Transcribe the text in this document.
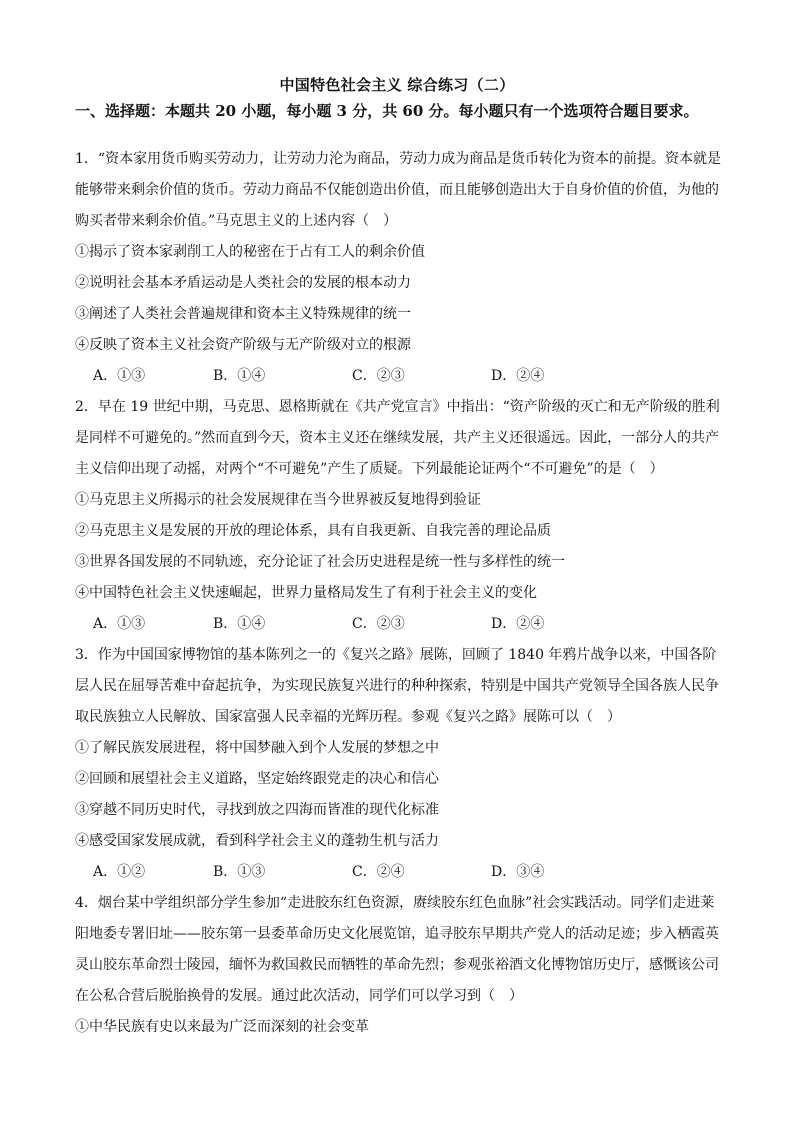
中国特色社会主义 综合练习（二）
一、选择题：本题共 20 小题，每小题 3 分，共 60 分。每小题只有一个选项符合题目要求。
1．“资本家用货币购买劳动力，让劳动力沦为商品，劳动力成为商品是货币转化为资本的前提。资本就是能够带来剩余价值的货币。劳动力商品不仅能创造出价值，而且能够创造出大于自身价值的价值，为他的购买者带来剩余价值。”马克思主义的上述内容（　）
①揭示了资本家剥削工人的秘密在于占有工人的剩余价值
②说明社会基本矛盾运动是人类社会的发展的根本动力
③阐述了人类社会普遍规律和资本主义特殊规律的统一
④反映了资本主义社会资产阶级与无产阶级对立的根源
A．①③	B．①④	C．②③	D．②④
2．早在 19 世纪中期，马克思、恩格斯就在《共产党宣言》中指出：“资产阶级的灭亡和无产阶级的胜利是同样不可避免的。”然而直到今天，资本主义还在继续发展，共产主义还很遥远。因此，一部分人的共产主义信仰出现了动摇，对两个“不可避免”产生了质疑。下列最能论证两个“不可避免”的是（　）
①马克思主义所揭示的社会发展规律在当今世界被反复地得到验证
②马克思主义是发展的开放的理论体系，具有自我更新、自我完善的理论品质
③世界各国发展的不同轨迹，充分论证了社会历史进程是统一性与多样性的统一
④中国特色社会主义快速崛起，世界力量格局发生了有利于社会主义的变化
A．①③	B．①④	C．②③	D．②④
3．作为中国国家博物馆的基本陈列之一的《复兴之路》展陈，回顾了 1840 年鸦片战争以来，中国各阶层人民在屈辱苦难中奋起抗争，为实现民族复兴进行的种种探索，特别是中国共产党领导全国各族人民争取民族独立人民解放、国家富强人民幸福的光辉历程。参观《复兴之路》展陈可以（　）
①了解民族发展进程，将中国梦融入到个人发展的梦想之中
②回顾和展望社会主义道路，坚定始终跟党走的决心和信心
③穿越不同历史时代，寻找到放之四海而皆准的现代化标准
④感受国家发展成就，看到科学社会主义的蓬勃生机与活力
A．①②	B．①③	C．②④	D．③④
4．烟台某中学组织部分学生参加“走进胶东红色资源，赓续胶东红色血脉”社会实践活动。同学们走进莱阳地委专署旧址——胶东第一县委革命历史文化展览馆，追寻胶东早期共产党人的活动足迹；步入栖霞英灵山胶东革命烈士陵园，缅怀为救国救民而牺牲的革命先烈；参观张裕酒文化博物馆历史厅，感慨该公司在公私合营后脱胎换骨的发展。通过此次活动，同学们可以学习到（　）
①中华民族有史以来最为广泛而深刻的社会变革
